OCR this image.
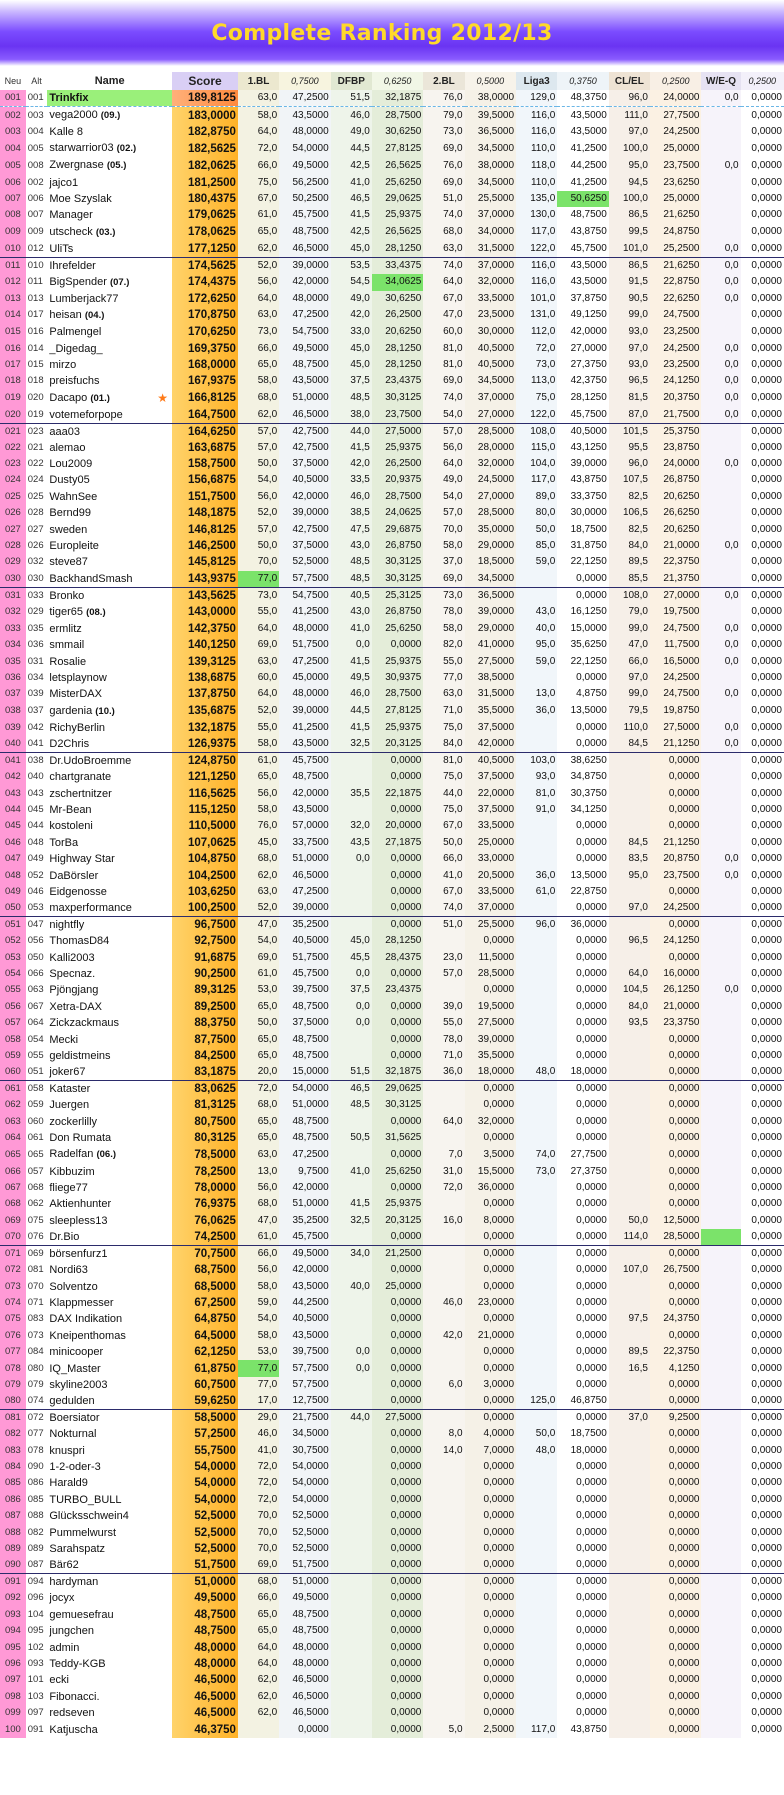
Complete Ranking 2012/13
Neu	Alt	Name	Score	1.BL	0,7500	DFBP	0,6250	2.BL	0,5000	Liga3	0,3750	CL/EL	0,2500	W/E-Q	0,2500
001	001	Trinkfix	189,8125	63,0	47,2500	51,5	32,1875	76,0	38,0000	129,0	48,3750	96,0	24,0000	0,0	0,0000
002	003	vega2000 (09.)	183,0000	58,0	43,5000	46,0	28,7500	79,0	39,5000	116,0	43,5000	111,0	27,7500		0,0000
003	004	Kalle 8	182,8750	64,0	48,0000	49,0	30,6250	73,0	36,5000	116,0	43,5000	97,0	24,2500		0,0000
004	005	starwarrior03 (02.)	182,5625	72,0	54,0000	44,5	27,8125	69,0	34,5000	110,0	41,2500	100,0	25,0000		0,0000
005	008	Zwergnase (05.)	182,0625	66,0	49,5000	42,5	26,5625	76,0	38,0000	118,0	44,2500	95,0	23,7500	0,0	0,0000
006	002	jajco1	181,2500	75,0	56,2500	41,0	25,6250	69,0	34,5000	110,0	41,2500	94,5	23,6250		0,0000
007	006	Moe Szyslak	180,4375	67,0	50,2500	46,5	29,0625	51,0	25,5000	135,0	50,6250	100,0	25,0000		0,0000
008	007	Manager	179,0625	61,0	45,7500	41,5	25,9375	74,0	37,0000	130,0	48,7500	86,5	21,6250		0,0000
009	009	utscheck (03.)	178,0625	65,0	48,7500	42,5	26,5625	68,0	34,0000	117,0	43,8750	99,5	24,8750		0,0000
010	012	UliTs	177,1250	62,0	46,5000	45,0	28,1250	63,0	31,5000	122,0	45,7500	101,0	25,2500	0,0	0,0000
011	010	Ihrefelder	174,5625	52,0	39,0000	53,5	33,4375	74,0	37,0000	116,0	43,5000	86,5	21,6250	0,0	0,0000
012	011	BigSpender (07.)	174,4375	56,0	42,0000	54,5	34,0625	64,0	32,0000	116,0	43,5000	91,5	22,8750	0,0	0,0000
013	013	Lumberjack77	172,6250	64,0	48,0000	49,0	30,6250	67,0	33,5000	101,0	37,8750	90,5	22,6250	0,0	0,0000
014	017	heisan (04.)	170,8750	63,0	47,2500	42,0	26,2500	47,0	23,5000	131,0	49,1250	99,0	24,7500		0,0000
015	016	Palmengel	170,6250	73,0	54,7500	33,0	20,6250	60,0	30,0000	112,0	42,0000	93,0	23,2500		0,0000
016	014	_Digedag_	169,3750	66,0	49,5000	45,0	28,1250	81,0	40,5000	72,0	27,0000	97,0	24,2500	0,0	0,0000
017	015	mirzo	168,0000	65,0	48,7500	45,0	28,1250	81,0	40,5000	73,0	27,3750	93,0	23,2500	0,0	0,0000
018	018	preisfuchs	167,9375	58,0	43,5000	37,5	23,4375	69,0	34,5000	113,0	42,3750	96,5	24,1250	0,0	0,0000
019	020	Dacapo (01.) ★	166,8125	68,0	51,0000	48,5	30,3125	74,0	37,0000	75,0	28,1250	81,5	20,3750	0,0	0,0000
020	019	votemeforpope	164,7500	62,0	46,5000	38,0	23,7500	54,0	27,0000	122,0	45,7500	87,0	21,7500	0,0	0,0000
021	023	aaa03	164,6250	57,0	42,7500	44,0	27,5000	57,0	28,5000	108,0	40,5000	101,5	25,3750		0,0000
022	021	alemao	163,6875	57,0	42,7500	41,5	25,9375	56,0	28,0000	115,0	43,1250	95,5	23,8750		0,0000
023	022	Lou2009	158,7500	50,0	37,5000	42,0	26,2500	64,0	32,0000	104,0	39,0000	96,0	24,0000	0,0	0,0000
024	024	Dusty05	156,6875	54,0	40,5000	33,5	20,9375	49,0	24,5000	117,0	43,8750	107,5	26,8750		0,0000
025	025	WahnSee	151,7500	56,0	42,0000	46,0	28,7500	54,0	27,0000	89,0	33,3750	82,5	20,6250		0,0000
026	028	Bernd99	148,1875	52,0	39,0000	38,5	24,0625	57,0	28,5000	80,0	30,0000	106,5	26,6250		0,0000
027	027	sweden	146,8125	57,0	42,7500	47,5	29,6875	70,0	35,0000	50,0	18,7500	82,5	20,6250		0,0000
028	026	Europleite	146,2500	50,0	37,5000	43,0	26,8750	58,0	29,0000	85,0	31,8750	84,0	21,0000	0,0	0,0000
029	032	steve87	145,8125	70,0	52,5000	48,5	30,3125	37,0	18,5000	59,0	22,1250	89,5	22,3750		0,0000
030	030	BackhandSmash	143,9375	77,0	57,7500	48,5	30,3125	69,0	34,5000		0,0000	85,5	21,3750		0,0000
031	033	Bronko	143,5625	73,0	54,7500	40,5	25,3125	73,0	36,5000		0,0000	108,0	27,0000	0,0	0,0000
032	029	tiger65 (08.)	143,0000	55,0	41,2500	43,0	26,8750	78,0	39,0000	43,0	16,1250	79,0	19,7500		0,0000
033	035	ermlitz	142,3750	64,0	48,0000	41,0	25,6250	58,0	29,0000	40,0	15,0000	99,0	24,7500	0,0	0,0000
034	036	smmail	140,1250	69,0	51,7500	0,0	0,0000	82,0	41,0000	95,0	35,6250	47,0	11,7500	0,0	0,0000
035	031	Rosalie	139,3125	63,0	47,2500	41,5	25,9375	55,0	27,5000	59,0	22,1250	66,0	16,5000	0,0	0,0000
036	034	letsplaynow	138,6875	60,0	45,0000	49,5	30,9375	77,0	38,5000		0,0000	97,0	24,2500		0,0000
037	039	MisterDAX	137,8750	64,0	48,0000	46,0	28,7500	63,0	31,5000	13,0	4,8750	99,0	24,7500	0,0	0,0000
038	037	gardenia (10.)	135,6875	52,0	39,0000	44,5	27,8125	71,0	35,5000	36,0	13,5000	79,5	19,8750		0,0000
039	042	RichyBerlin	132,1875	55,0	41,2500	41,5	25,9375	75,0	37,5000		0,0000	110,0	27,5000	0,0	0,0000
040	041	D2Chris	126,9375	58,0	43,5000	32,5	20,3125	84,0	42,0000		0,0000	84,5	21,1250	0,0	0,0000
041	038	Dr.UdoBroemme	124,8750	61,0	45,7500		0,0000	81,0	40,5000	103,0	38,6250		0,0000		0,0000
042	040	chartgranate	121,1250	65,0	48,7500		0,0000	75,0	37,5000	93,0	34,8750		0,0000		0,0000
043	043	zschertnitzer	116,5625	56,0	42,0000	35,5	22,1875	44,0	22,0000	81,0	30,3750		0,0000		0,0000
044	045	Mr-Bean	115,1250	58,0	43,5000		0,0000	75,0	37,5000	91,0	34,1250		0,0000		0,0000
045	044	kostoleni	110,5000	76,0	57,0000	32,0	20,0000	67,0	33,5000		0,0000		0,0000		0,0000
046	048	TorBa	107,0625	45,0	33,7500	43,5	27,1875	50,0	25,0000		0,0000	84,5	21,1250		0,0000
047	049	Highway Star	104,8750	68,0	51,0000	0,0	0,0000	66,0	33,0000		0,0000	83,5	20,8750	0,0	0,0000
048	052	DaBörsler	104,2500	62,0	46,5000		0,0000	41,0	20,5000	36,0	13,5000	95,0	23,7500	0,0	0,0000
049	046	Eidgenosse	103,6250	63,0	47,2500		0,0000	67,0	33,5000	61,0	22,8750		0,0000		0,0000
050	053	maxperformance	100,2500	52,0	39,0000		0,0000	74,0	37,0000		0,0000	97,0	24,2500		0,0000
051	047	nightfly	96,7500	47,0	35,2500		0,0000	51,0	25,5000	96,0	36,0000		0,0000		0,0000
052	056	ThomasD84	92,7500	54,0	40,5000	45,0	28,1250		0,0000		0,0000	96,5	24,1250		0,0000
053	050	Kalli2003	91,6875	69,0	51,7500	45,5	28,4375	23,0	11,5000		0,0000		0,0000		0,0000
054	066	Specnaz.	90,2500	61,0	45,7500	0,0	0,0000	57,0	28,5000		0,0000	64,0	16,0000		0,0000
055	063	Pjöngjang	89,3125	53,0	39,7500	37,5	23,4375		0,0000		0,0000	104,5	26,1250	0,0	0,0000
056	067	Xetra-DAX	89,2500	65,0	48,7500	0,0	0,0000	39,0	19,5000		0,0000	84,0	21,0000		0,0000
057	064	Zickzackmaus	88,3750	50,0	37,5000	0,0	0,0000	55,0	27,5000		0,0000	93,5	23,3750		0,0000
058	054	Mecki	87,7500	65,0	48,7500		0,0000	78,0	39,0000		0,0000		0,0000		0,0000
059	055	geldistmeins	84,2500	65,0	48,7500		0,0000	71,0	35,5000		0,0000		0,0000		0,0000
060	051	joker67	83,1875	20,0	15,0000	51,5	32,1875	36,0	18,0000	48,0	18,0000		0,0000		0,0000
061	058	Kataster	83,0625	72,0	54,0000	46,5	29,0625		0,0000		0,0000		0,0000		0,0000
062	059	Juergen	81,3125	68,0	51,0000	48,5	30,3125		0,0000		0,0000		0,0000		0,0000
063	060	zockerlilly	80,7500	65,0	48,7500		0,0000	64,0	32,0000		0,0000		0,0000		0,0000
064	061	Don Rumata	80,3125	65,0	48,7500	50,5	31,5625		0,0000		0,0000		0,0000		0,0000
065	065	Radelfan (06.)	78,5000	63,0	47,2500		0,0000	7,0	3,5000	74,0	27,7500		0,0000		0,0000
066	057	Kibbuzim	78,2500	13,0	9,7500	41,0	25,6250	31,0	15,5000	73,0	27,3750		0,0000		0,0000
067	068	fliege77	78,0000	56,0	42,0000		0,0000	72,0	36,0000		0,0000		0,0000		0,0000
068	062	Aktienhunter	76,9375	68,0	51,0000	41,5	25,9375		0,0000		0,0000		0,0000		0,0000
069	075	sleepless13	76,0625	47,0	35,2500	32,5	20,3125	16,0	8,0000		0,0000	50,0	12,5000		0,0000
070	076	Dr.Bio	74,2500	61,0	45,7500		0,0000		0,0000		0,0000	114,0	28,5000		0,0000
071	069	börsenfurz1	70,7500	66,0	49,5000	34,0	21,2500		0,0000		0,0000		0,0000		0,0000
072	081	Nordi63	68,7500	56,0	42,0000		0,0000		0,0000		0,0000	107,0	26,7500		0,0000
073	070	Solventzo	68,5000	58,0	43,5000	40,0	25,0000		0,0000		0,0000		0,0000		0,0000
074	071	Klappmesser	67,2500	59,0	44,2500		0,0000	46,0	23,0000		0,0000		0,0000		0,0000
075	083	DAX Indikation	64,8750	54,0	40,5000		0,0000		0,0000		0,0000	97,5	24,3750		0,0000
076	073	Kneipenthomas	64,5000	58,0	43,5000		0,0000	42,0	21,0000		0,0000		0,0000		0,0000
077	084	minicooper	62,1250	53,0	39,7500	0,0	0,0000		0,0000		0,0000	89,5	22,3750		0,0000
078	080	IQ_Master	61,8750	77,0	57,7500	0,0	0,0000		0,0000		0,0000	16,5	4,1250		0,0000
079	079	skyline2003	60,7500	77,0	57,7500		0,0000	6,0	3,0000		0,0000		0,0000		0,0000
080	074	gedulden	59,6250	17,0	12,7500		0,0000		0,0000	125,0	46,8750		0,0000		0,0000
081	072	Boersiator	58,5000	29,0	21,7500	44,0	27,5000		0,0000		0,0000	37,0	9,2500		0,0000
082	077	Nokturnal	57,2500	46,0	34,5000		0,0000	8,0	4,0000	50,0	18,7500		0,0000		0,0000
083	078	knuspri	55,7500	41,0	30,7500		0,0000	14,0	7,0000	48,0	18,0000		0,0000		0,0000
084	090	1-2-oder-3	54,0000	72,0	54,0000		0,0000		0,0000		0,0000		0,0000		0,0000
085	086	Harald9	54,0000	72,0	54,0000		0,0000		0,0000		0,0000		0,0000		0,0000
086	085	TURBO_BULL	54,0000	72,0	54,0000		0,0000		0,0000		0,0000		0,0000		0,0000
087	088	Glücksschwein4	52,5000	70,0	52,5000		0,0000		0,0000		0,0000		0,0000		0,0000
088	082	Pummelwurst	52,5000	70,0	52,5000		0,0000		0,0000		0,0000		0,0000		0,0000
089	089	Sarahspatz	52,5000	70,0	52,5000		0,0000		0,0000		0,0000		0,0000		0,0000
090	087	Bär62	51,7500	69,0	51,7500		0,0000		0,0000		0,0000		0,0000		0,0000
091	094	hardyman	51,0000	68,0	51,0000		0,0000		0,0000		0,0000		0,0000		0,0000
092	096	jocyx	49,5000	66,0	49,5000		0,0000		0,0000		0,0000		0,0000		0,0000
093	104	gemuesefrau	48,7500	65,0	48,7500		0,0000		0,0000		0,0000		0,0000		0,0000
094	095	jungchen	48,7500	65,0	48,7500		0,0000		0,0000		0,0000		0,0000		0,0000
095	102	admin	48,0000	64,0	48,0000		0,0000		0,0000		0,0000		0,0000		0,0000
096	093	Teddy-KGB	48,0000	64,0	48,0000		0,0000		0,0000		0,0000		0,0000		0,0000
097	101	ecki	46,5000	62,0	46,5000		0,0000		0,0000		0,0000		0,0000		0,0000
098	103	Fibonacci.	46,5000	62,0	46,5000		0,0000		0,0000		0,0000		0,0000		0,0000
099	097	redseven	46,5000	62,0	46,5000		0,0000		0,0000		0,0000		0,0000		0,0000
100	091	Katjuscha	46,3750		0,0000		0,0000	5,0	2,5000	117,0	43,8750		0,0000		0,0000
